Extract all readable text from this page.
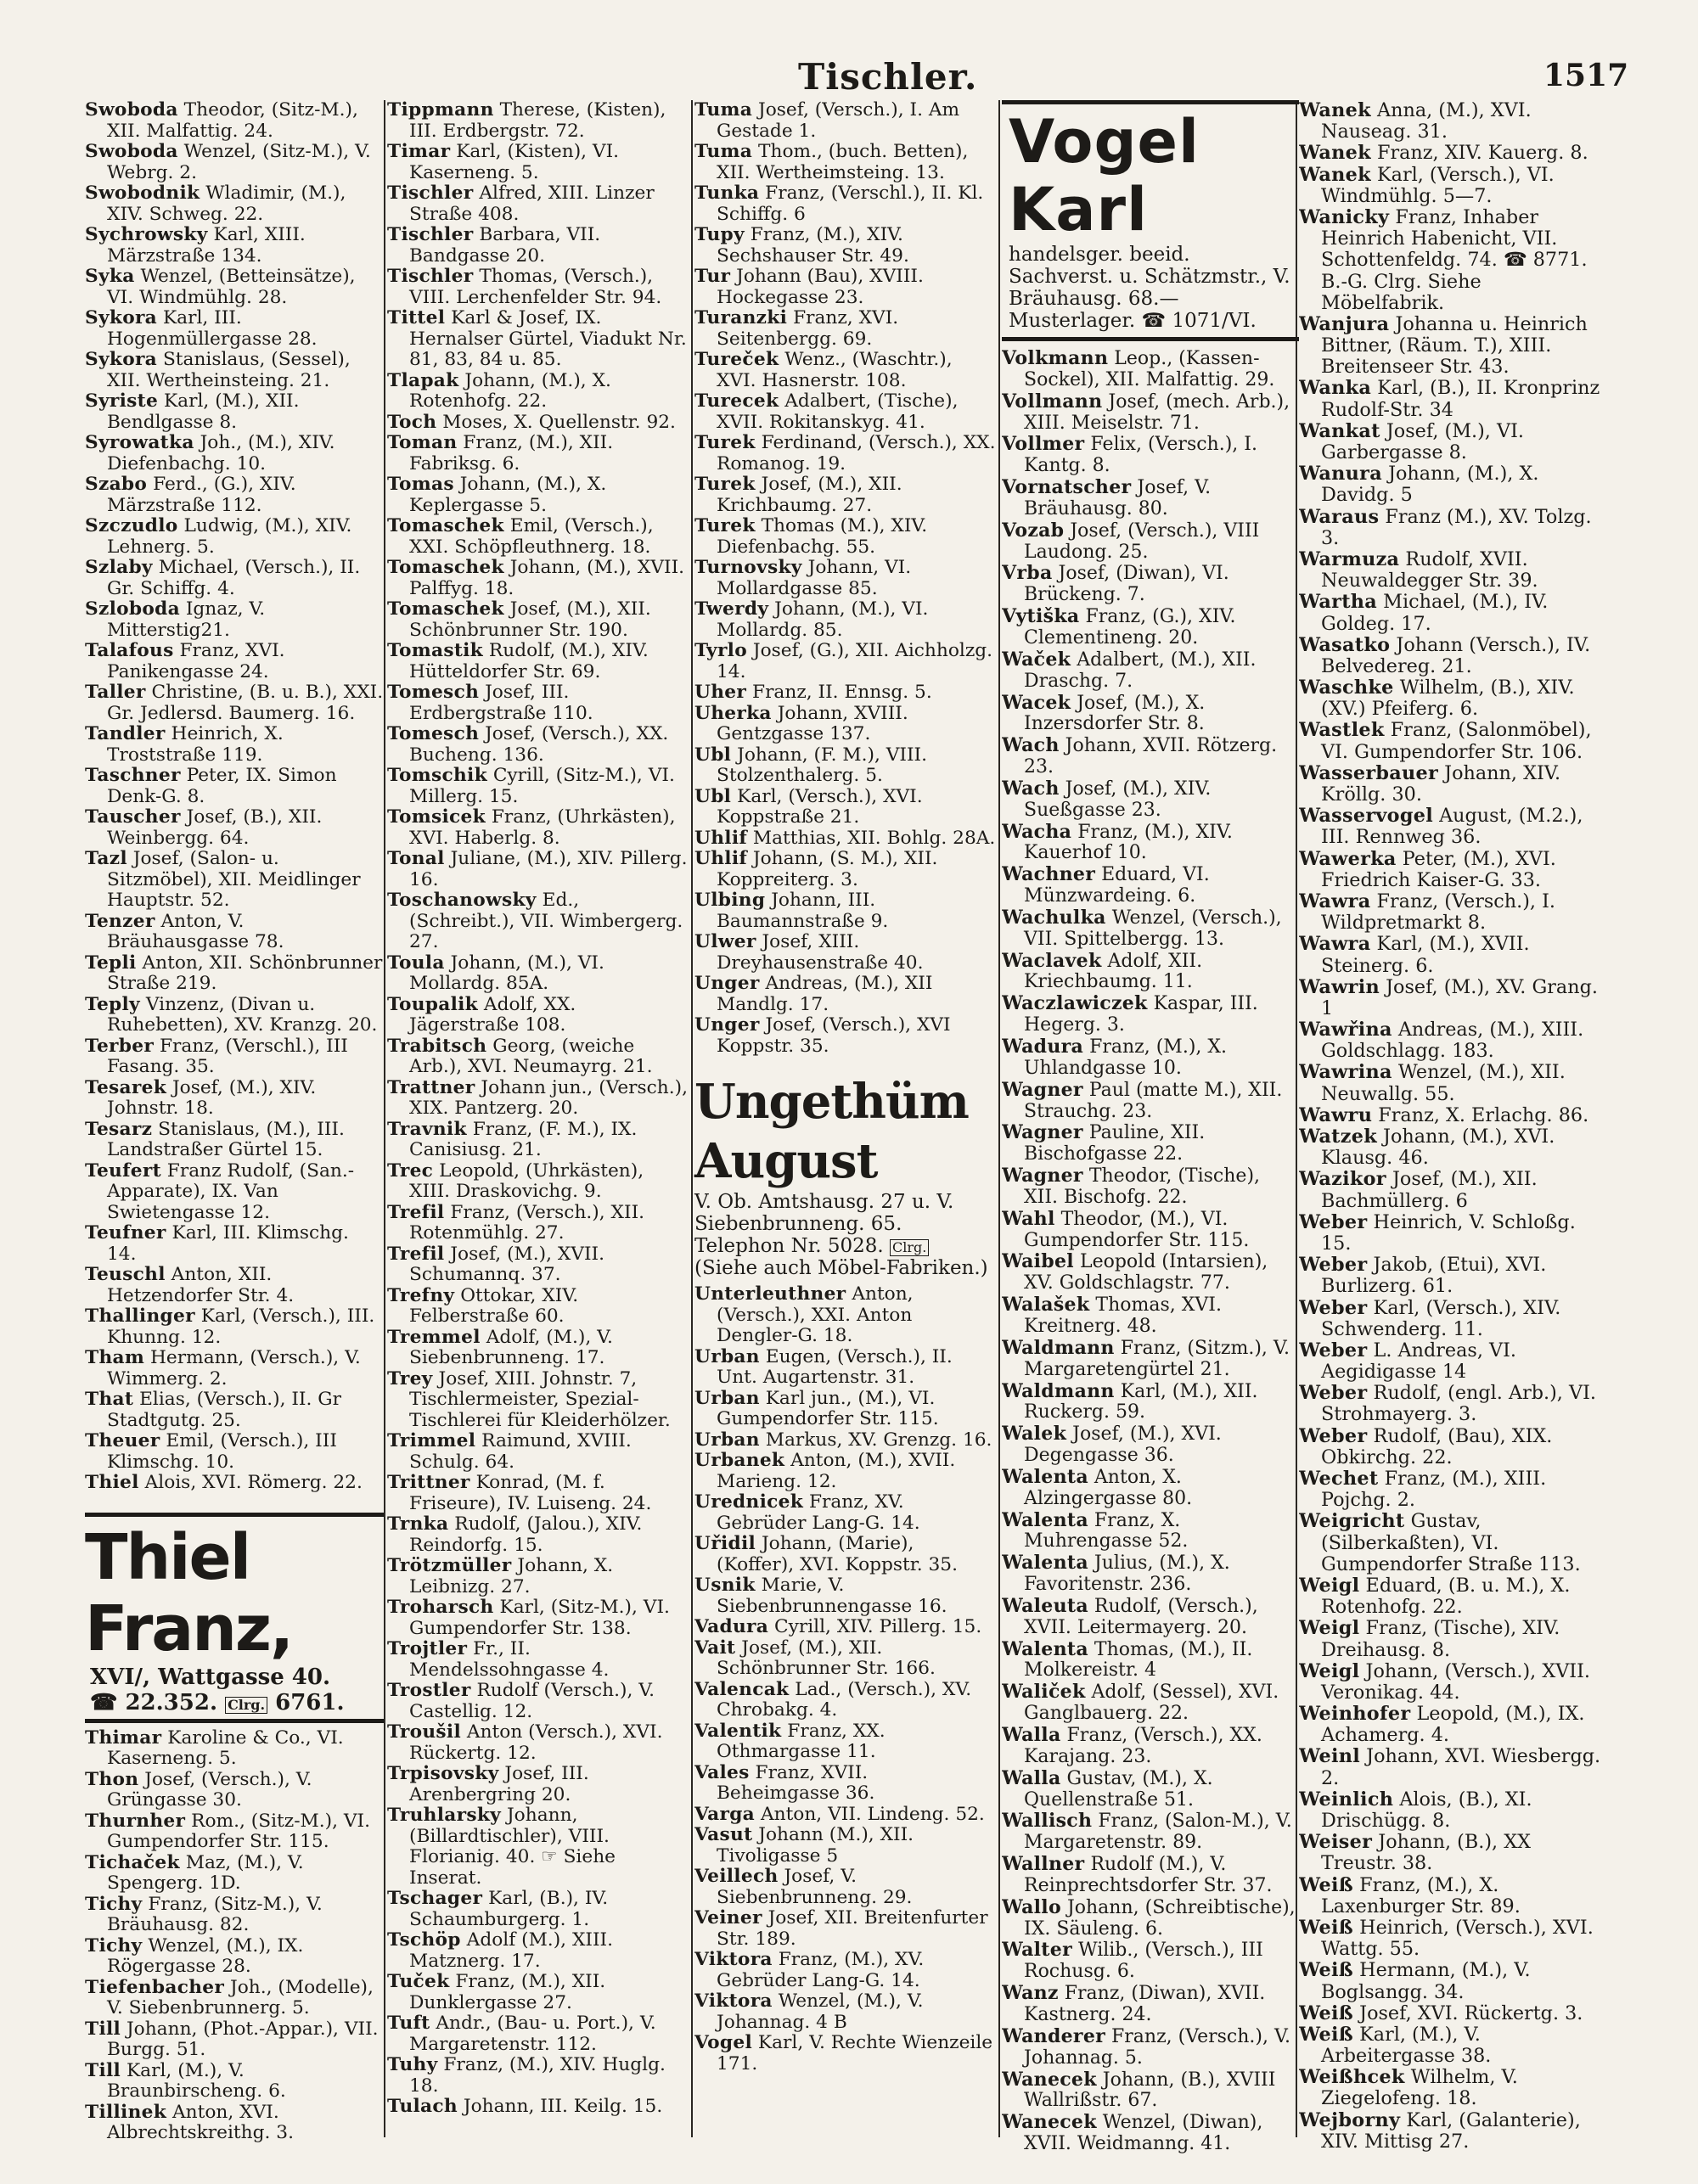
Tischler.	1517
Swoboda Theodor, (Sitz-M.), XII. Malfattig. 24.
Swoboda Wenzel, (Sitz-M.), V. Webrg. 2.
Swobodnik Wladimir, (M.), XIV. Schweg. 22.
Sychrowsky Karl, XIII. Märzstraße 134.
Syka Wenzel, (Betteinsätze), VI. Windmühlg. 28.
Sykora Karl, III. Hogenmüllergasse 28.
Sykora Stanislaus, (Sessel), XII. Wertheinsteing. 21.
Syriste Karl, (M.), XII. Bendlgasse 8.
Syrowatka Joh., (M.), XIV. Diefenbachg. 10.
Szabo Ferd., (G.), XIV. Märzstraße 112.
Szczudlo Ludwig, (M.), XIV. Lehnerg. 5.
Szlaby Michael, (Versch.), II. Gr. Schiffg. 4.
Szloboda Ignaz, V. Mitterstig21.
Talafous Franz, XVI. Panikengasse 24.
Taller Christine, (B. u. B.), XXI. Gr. Jedlersd. Baumerg. 16.
Tandler Heinrich, X. Troststraße 119.
Taschner Peter, IX. Simon Denk-G. 8.
Tauscher Josef, (B.), XII. Weinbergg. 64.
Tazl Josef, (Salon- u. Sitzmöbel), XII. Meidlinger Hauptstr. 52.
Tenzer Anton, V. Bräuhausgasse 78.
Tepli Anton, XII. Schönbrunner Straße 219.
Teply Vinzenz, (Divan u. Ruhebetten), XV. Kranzg. 20.
Terber Franz, (Verschl.), III Fasang. 35.
Tesarek Josef, (M.), XIV. Johnstr. 18.
Tesarz Stanislaus, (M.), III. Landstraßer Gürtel 15.
Teufert Franz Rudolf, (San.-Apparate), IX. Van Swietengasse 12.
Teufner Karl, III. Klimschg. 14.
Teuschl Anton, XII. Hetzendorfer Str. 4.
Thallinger Karl, (Versch.), III. Khunng. 12.
Tham Hermann, (Versch.), V. Wimmerg. 2.
That Elias, (Versch.), II. Gr Stadtgutg. 25.
Theuer Emil, (Versch.), III Klimschg. 10.
Thiel Alois, XVI. Römerg. 22.
Thiel Franz,
XVI/, Wattgasse 40.
☎ 22.352. Clrg. 6761.
Thimar Karoline & Co., VI. Kaserneng. 5.
Thon Josef, (Versch.), V. Grüngasse 30.
Thurnher Rom., (Sitz-M.), VI. Gumpendorfer Str. 115.
Tichaček Maz, (M.), V. Spengerg. 1D.
Tichy Franz, (Sitz-M.), V. Bräuhausg. 82.
Tichy Wenzel, (M.), IX. Rögergasse 28.
Tiefenbacher Joh., (Modelle), V. Siebenbrunnerg. 5.
Till Johann, (Phot.-Appar.), VII. Burgg. 51.
Till Karl, (M.), V. Braunbirscheng. 6.
Tillinek Anton, XVI. Albrechtskreithg. 3.
Tippmann Therese, (Kisten), III. Erdbergstr. 72.
Timar Karl, (Kisten), VI. Kaserneng. 5.
Tischler Alfred, XIII. Linzer Straße 408.
Tischler Barbara, VII. Bandgasse 20.
Tischler Thomas, (Versch.), VIII. Lerchenfelder Str. 94.
Tittel Karl & Josef, IX. Hernalser Gürtel, Viadukt Nr. 81, 83, 84 u. 85.
Tlapak Johann, (M.), X. Rotenhofg. 22.
Toch Moses, X. Quellenstr. 92.
Toman Franz, (M.), XII. Fabriksg. 6.
Tomas Johann, (M.), X. Keplergasse 5.
Tomaschek Emil, (Versch.), XXI. Schöpfleuthnerg. 18.
Tomaschek Johann, (M.), XVII. Palffyg. 18.
Tomaschek Josef, (M.), XII. Schönbrunner Str. 190.
Tomastik Rudolf, (M.), XIV. Hütteldorfer Str. 69.
Tomesch Josef, III. Erdbergstraße 110.
Tomesch Josef, (Versch.), XX. Bucheng. 136.
Tomschik Cyrill, (Sitz-M.), VI. Millerg. 15.
Tomsicek Franz, (Uhrkästen), XVI. Haberlg. 8.
Tonal Juliane, (M.), XIV. Pillerg. 16.
Toschanowsky Ed., (Schreibt.), VII. Wimbergerg. 27.
Toula Johann, (M.), VI. Mollardg. 85A.
Toupalik Adolf, XX. Jägerstraße 108.
Trabitsch Georg, (weiche Arb.), XVI. Neumayrg. 21.
Trattner Johann jun., (Versch.), XIX. Pantzerg. 20.
Travnik Franz, (F. M.), IX. Canisiusg. 21.
Trec Leopold, (Uhrkästen), XIII. Draskovichg. 9.
Trefil Franz, (Versch.), XII. Rotenmühlg. 27.
Trefil Josef, (M.), XVII. Schumannq. 37.
Trefny Ottokar, XIV. Felberstraße 60.
Tremmel Adolf, (M.), V. Siebenbrunneng. 17.
Trey Josef, XIII. Johnstr. 7, Tischlermeister, Spezial-Tischlerei für Kleiderhölzer.
Trimmel Raimund, XVIII. Schulg. 64.
Trittner Konrad, (M. f. Friseure), IV. Luiseng. 24.
Trnka Rudolf, (Jalou.), XIV. Reindorfg. 15.
Trötzmüller Johann, X. Leibnizg. 27.
Troharsch Karl, (Sitz-M.), VI. Gumpendorfer Str. 138.
Trojtler Fr., II. Mendelssohngasse 4.
Trostler Rudolf (Versch.), V. Castellig. 12.
Troušil Anton (Versch.), XVI. Rückertg. 12.
Trpisovsky Josef, III. Arenbergring 20.
Truhlarsky Johann, (Billardtischler), VIII. Florianig. 40. ☞ Siehe Inserat.
Tschager Karl, (B.), IV. Schaumburgerg. 1.
Tschöp Adolf (M.), XIII. Matznerg. 17.
Tuček Franz, (M.), XII. Dunklergasse 27.
Tuft Andr., (Bau- u. Port.), V. Margaretenstr. 112.
Tuhy Franz, (M.), XIV. Huglg. 18.
Tulach Johann, III. Keilg. 15.
Tuma Josef, (Versch.), I. Am Gestade 1.
Tuma Thom., (buch. Betten), XII. Wertheimsteing. 13.
Tunka Franz, (Verschl.), II. Kl. Schiffg. 6
Tupy Franz, (M.), XIV. Sechshauser Str. 49.
Tur Johann (Bau), XVIII. Hockegasse 23.
Turanzki Franz, XVI. Seitenbergg. 69.
Tureček Wenz., (Waschtr.), XVI. Hasnerstr. 108.
Turecek Adalbert, (Tische), XVII. Rokitanskyg. 41.
Turek Ferdinand, (Versch.), XX. Romanog. 19.
Turek Josef, (M.), XII. Krichbaumg. 27.
Turek Thomas (M.), XIV. Diefenbachg. 55.
Turnovsky Johann, VI. Mollardgasse 85.
Twerdy Johann, (M.), VI. Mollardg. 85.
Tyrlo Josef, (G.), XII. Aichholzg. 14.
Uher Franz, II. Ennsg. 5.
Uherka Johann, XVIII. Gentzgasse 137.
Ubl Johann, (F. M.), VIII. Stolzenthalerg. 5.
Ubl Karl, (Versch.), XVI. Koppstraße 21.
Uhlif Matthias, XII. Bohlg. 28A.
Uhlif Johann, (S. M.), XII. Koppreiterg. 3.
Ulbing Johann, III. Baumannstraße 9.
Ulwer Josef, XIII. Dreyhausenstraße 40.
Unger Andreas, (M.), XII Mandlg. 17.
Unger Josef, (Versch.), XVI Koppstr. 35.
Ungethüm August
V. Ob. Amtshausg. 27 u. V. Siebenbrunneng. 65. Telephon Nr. 5028. Clrg.
(Siehe auch Möbel-Fabriken.)
Unterleuthner Anton, (Versch.), XXI. Anton Dengler-G. 18.
Urban Eugen, (Versch.), II. Unt. Augartenstr. 31.
Urban Karl jun., (M.), VI. Gumpendorfer Str. 115.
Urban Markus, XV. Grenzg. 16.
Urbanek Anton, (M.), XVII. Marieng. 12.
Urednicek Franz, XV. Gebrüder Lang-G. 14.
Uřidil Johann, (Marie), (Koffer), XVI. Koppstr. 35.
Usnik Marie, V. Siebenbrunnengasse 16.
Vadura Cyrill, XIV. Pillerg. 15.
Vait Josef, (M.), XII. Schönbrunner Str. 166.
Valencak Lad., (Versch.), XV. Chrobakg. 4.
Valentik Franz, XX. Othmargasse 11.
Vales Franz, XVII. Beheimgasse 36.
Varga Anton, VII. Lindeng. 52.
Vasut Johann (M.), XII. Tivoligasse 5
Veillech Josef, V. Siebenbrunneng. 29.
Veiner Josef, XII. Breitenfurter Str. 189.
Viktora Franz, (M.), XV. Gebrüder Lang-G. 14.
Viktora Wenzel, (M.), V. Johannag. 4 B
Vogel Karl, V. Rechte Wienzeile 171.
Vogel Karl
handelsger. beeid. Sachverst. u. Schätzmstr., V. Bräuhausg. 68.—
Musterlager. ☎ 1071/VI.
Volkmann Leop., (Kassen-Sockel), XII. Malfattig. 29.
Vollmann Josef, (mech. Arb.), XIII. Meiselstr. 71.
Vollmer Felix, (Versch.), I. Kantg. 8.
Vornatscher Josef, V. Bräuhausg. 80.
Vozab Josef, (Versch.), VIII Laudong. 25.
Vrba Josef, (Diwan), VI. Brückeng. 7.
Vytiška Franz, (G.), XIV. Clementineng. 20.
Waček Adalbert, (M.), XII. Draschg. 7.
Wacek Josef, (M.), X. Inzersdorfer Str. 8.
Wach Johann, XVII. Rötzerg. 23.
Wach Josef, (M.), XIV. Sueßgasse 23.
Wacha Franz, (M.), XIV. Kauerhof 10.
Wachner Eduard, VI. Münzwardeing. 6.
Wachulka Wenzel, (Versch.), VII. Spittelbergg. 13.
Waclavek Adolf, XII. Kriechbaumg. 11.
Waczlawiczek Kaspar, III. Hegerg. 3.
Wadura Franz, (M.), X. Uhlandgasse 10.
Wagner Paul (matte M.), XII. Strauchg. 23.
Wagner Pauline, XII. Bischofgasse 22.
Wagner Theodor, (Tische), XII. Bischofg. 22.
Wahl Theodor, (M.), VI. Gumpendorfer Str. 115.
Waibel Leopold (Intarsien), XV. Goldschlagstr. 77.
Walašek Thomas, XVI. Kreitnerg. 48.
Waldmann Franz, (Sitzm.), V. Margaretengürtel 21.
Waldmann Karl, (M.), XII. Ruckerg. 59.
Walek Josef, (M.), XVI. Degengasse 36.
Walenta Anton, X. Alzingergasse 80.
Walenta Franz, X. Muhrengasse 52.
Walenta Julius, (M.), X. Favoritenstr. 236.
Waleuta Rudolf, (Versch.), XVII. Leitermayerg. 20.
Walenta Thomas, (M.), II. Molkereistr. 4
Waliček Adolf, (Sessel), XVI. Ganglbauerg. 22.
Walla Franz, (Versch.), XX. Karajang. 23.
Walla Gustav, (M.), X. Quellenstraße 51.
Wallisch Franz, (Salon-M.), V. Margaretenstr. 89.
Wallner Rudolf (M.), V. Reinprechtsdorfer Str. 37.
Wallo Johann, (Schreibtische), IX. Säuleng. 6.
Walter Wilib., (Versch.), III Rochusg. 6.
Wanz Franz, (Diwan), XVII. Kastnerg. 24.
Wanderer Franz, (Versch.), V. Johannag. 5.
Wanecek Johann, (B.), XVIII Wallrißstr. 67.
Wanecek Wenzel, (Diwan), XVII. Weidmanng. 41.
Wanek Anna, (M.), XVI. Nauseag. 31.
Wanek Franz, XIV. Kauerg. 8.
Wanek Karl, (Versch.), VI. Windmühlg. 5—7.
Wanicky Franz, Inhaber Heinrich Habenicht, VII. Schottenfeldg. 74. ☎ 8771. B.-G. Clrg. Siehe Möbelfabrik.
Wanjura Johanna u. Heinrich Bittner, (Räum. T.), XIII. Breitenseer Str. 43.
Wanka Karl, (B.), II. Kronprinz Rudolf-Str. 34
Wankat Josef, (M.), VI. Garbergasse 8.
Wanura Johann, (M.), X. Davidg. 5
Waraus Franz (M.), XV. Tolzg. 3.
Warmuza Rudolf, XVII. Neuwaldegger Str. 39.
Wartha Michael, (M.), IV. Goldeg. 17.
Wasatko Johann (Versch.), IV. Belvedereg. 21.
Waschke Wilhelm, (B.), XIV. (XV.) Pfeiferg. 6.
Wastlek Franz, (Salonmöbel), VI. Gumpendorfer Str. 106.
Wasserbauer Johann, XIV. Kröllg. 30.
Wasservogel August, (M.2.), III. Rennweg 36.
Wawerka Peter, (M.), XVI. Friedrich Kaiser-G. 33.
Wawra Franz, (Versch.), I. Wildpretmarkt 8.
Wawra Karl, (M.), XVII. Steinerg. 6.
Wawrin Josef, (M.), XV. Grang. 1
Wawřina Andreas, (M.), XIII. Goldschlagg. 183.
Wawrina Wenzel, (M.), XII. Neuwallg. 55.
Wawru Franz, X. Erlachg. 86.
Watzek Johann, (M.), XVI. Klausg. 46.
Wazikor Josef, (M.), XII. Bachmüllerg. 6
Weber Heinrich, V. Schloßg. 15.
Weber Jakob, (Etui), XVI. Burlizerg. 61.
Weber Karl, (Versch.), XIV. Schwenderg. 11.
Weber L. Andreas, VI. Aegidigasse 14
Weber Rudolf, (engl. Arb.), VI. Strohmayerg. 3.
Weber Rudolf, (Bau), XIX. Obkirchg. 22.
Wechet Franz, (M.), XIII. Pojchg. 2.
Weigricht Gustav, (Silberkaßten), VI. Gumpendorfer Straße 113.
Weigl Eduard, (B. u. M.), X. Rotenhofg. 22.
Weigl Franz, (Tische), XIV. Dreihausg. 8.
Weigl Johann, (Versch.), XVII. Veronikag. 44.
Weinhofer Leopold, (M.), IX. Achamerg. 4.
Weinl Johann, XVI. Wiesbergg. 2.
Weinlich Alois, (B.), XI. Drischügg. 8.
Weiser Johann, (B.), XX Treustr. 38.
Weiß Franz, (M.), X. Laxenburger Str. 89.
Weiß Heinrich, (Versch.), XVI. Wattg. 55.
Weiß Hermann, (M.), V. Boglsangg. 34.
Weiß Josef, XVI. Rückertg. 3.
Weiß Karl, (M.), V. Arbeitergasse 38.
Weißhcek Wilhelm, V. Ziegelofeng. 18.
Wejborny Karl, (Galanterie), XIV. Mittisg 27.
